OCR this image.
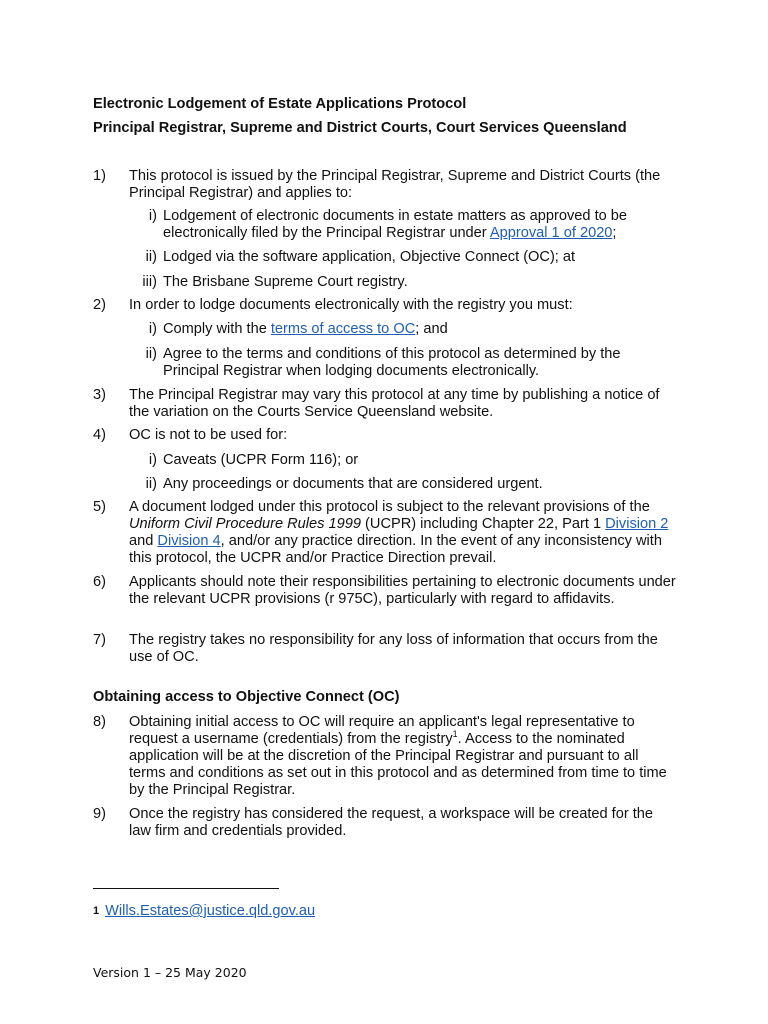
Electronic Lodgement of Estate Applications Protocol
Principal Registrar, Supreme and District Courts, Court Services Queensland
1) This protocol is issued by the Principal Registrar, Supreme and District Courts (the Principal Registrar) and applies to:
i) Lodgement of electronic documents in estate matters as approved to be electronically filed by the Principal Registrar under Approval 1 of 2020;
ii) Lodged via the software application, Objective Connect (OC); at
iii) The Brisbane Supreme Court registry.
2) In order to lodge documents electronically with the registry you must:
i) Comply with the terms of access to OC; and
ii) Agree to the terms and conditions of this protocol as determined by the Principal Registrar when lodging documents electronically.
3) The Principal Registrar may vary this protocol at any time by publishing a notice of the variation on the Courts Service Queensland website.
4) OC is not to be used for:
i) Caveats (UCPR Form 116); or
ii) Any proceedings or documents that are considered urgent.
5) A document lodged under this protocol is subject to the relevant provisions of the Uniform Civil Procedure Rules 1999 (UCPR) including Chapter 22, Part 1 Division 2 and Division 4, and/or any practice direction. In the event of any inconsistency with this protocol, the UCPR and/or Practice Direction prevail.
6) Applicants should note their responsibilities pertaining to electronic documents under the relevant UCPR provisions (r 975C), particularly with regard to affidavits.
7) The registry takes no responsibility for any loss of information that occurs from the use of OC.
Obtaining access to Objective Connect (OC)
8) Obtaining initial access to OC will require an applicant's legal representative to request a username (credentials) from the registry$^1$. Access to the nominated application will be at the discretion of the Principal Registrar and pursuant to all terms and conditions as set out in this protocol and as determined from time to time by the Principal Registrar.
9) Once the registry has considered the request, a workspace will be created for the law firm and credentials provided.
$^1$ Wills.Estates@justice.qld.gov.au
Version 1 – 25 May 2020
